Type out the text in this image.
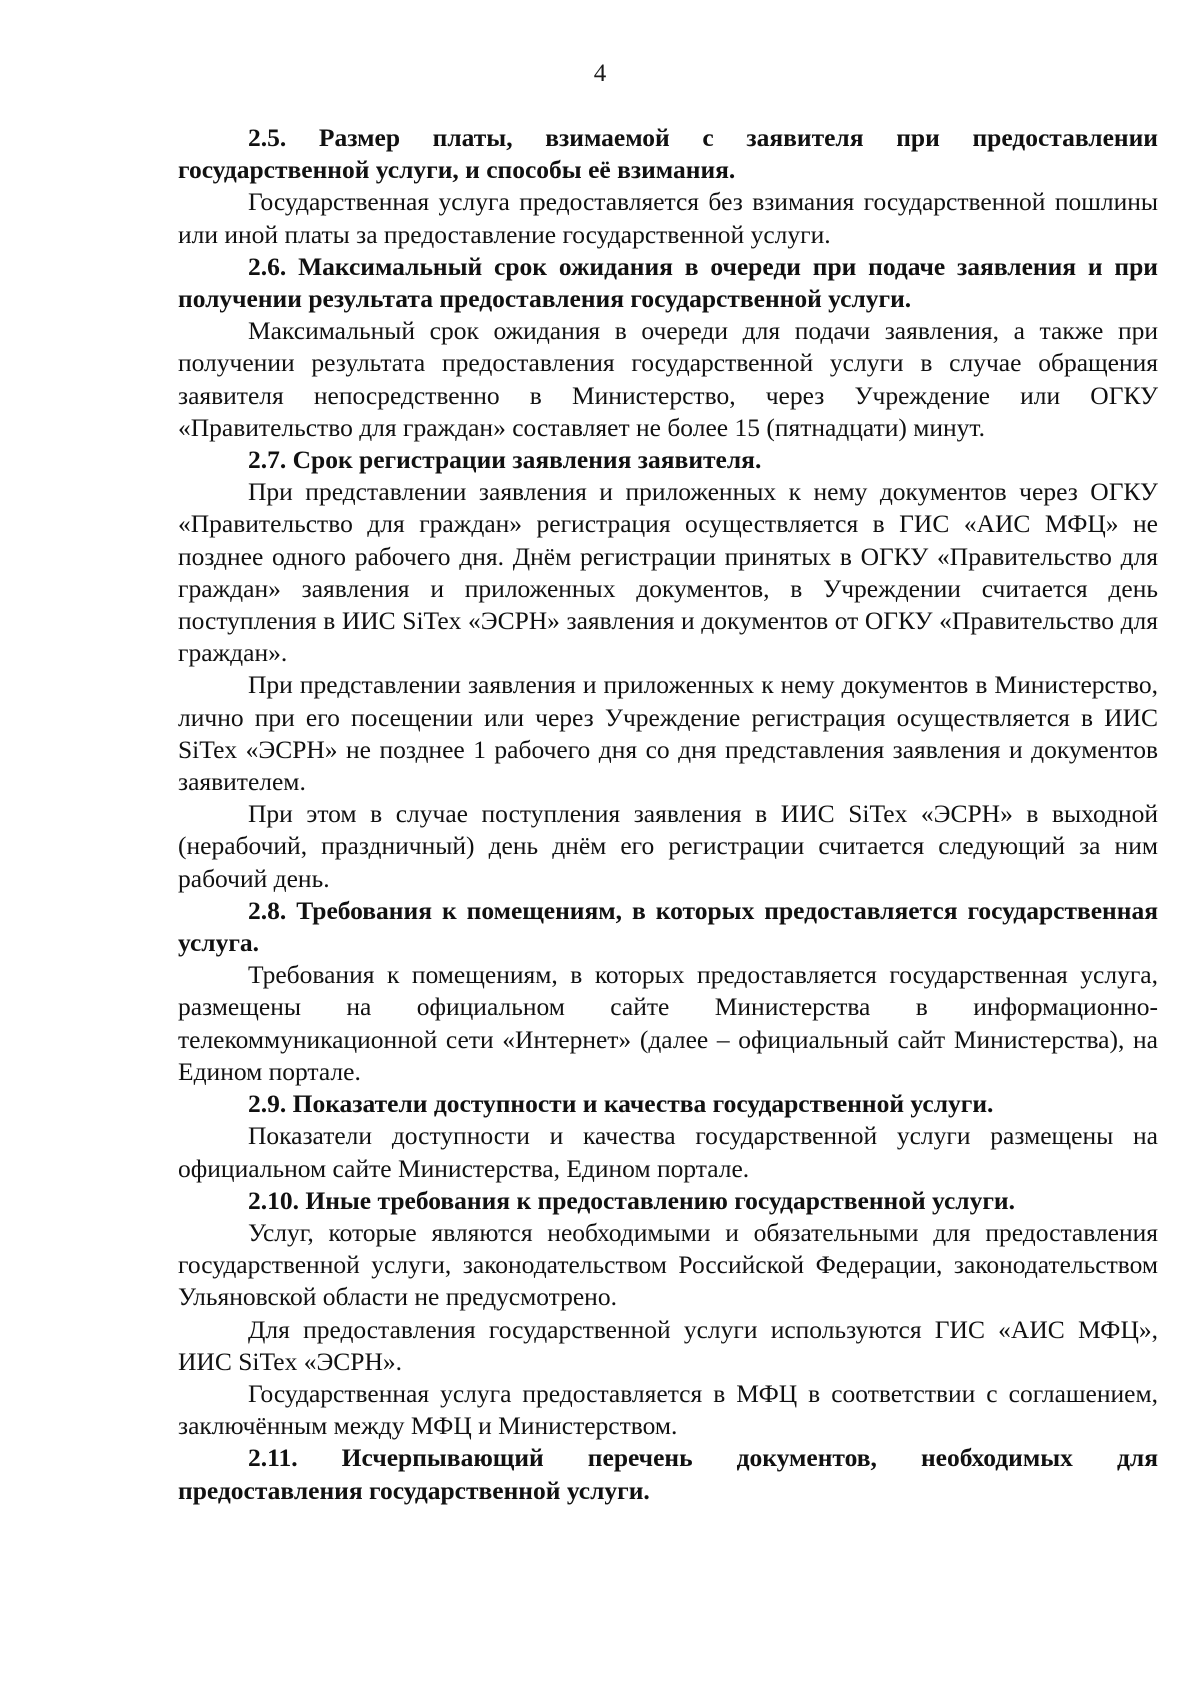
4

2.5. Размер платы, взимаемой с заявителя при предоставлении государственной услуги, и способы её взимания.

Государственная услуга предоставляется без взимания государственной пошлины или иной платы за предоставление государственной услуги.

2.6. Максимальный срок ожидания в очереди при подаче заявления и при получении результата предоставления государственной услуги.

Максимальный срок ожидания в очереди для подачи заявления, а также при получении результата предоставления государственной услуги в случае обращения заявителя непосредственно в Министерство, через Учреждение или ОГКУ «Правительство для граждан» составляет не более 15 (пятнадцати) минут.

2.7. Срок регистрации заявления заявителя.

При представлении заявления и приложенных к нему документов через ОГКУ «Правительство для граждан» регистрация осуществляется в ГИС «АИС МФЦ» не позднее одного рабочего дня. Днём регистрации принятых в ОГКУ «Правительство для граждан» заявления и приложенных документов, в Учреждении считается день поступления в ИИС SiTex «ЭСРН» заявления и документов от ОГКУ «Правительство для граждан».

При представлении заявления и приложенных к нему документов в Министерство, лично при его посещении или через Учреждение регистрация осуществляется в ИИС SiTex «ЭСРН» не позднее 1 рабочего дня со дня представления заявления и документов заявителем.

При этом в случае поступления заявления в ИИС SiTex «ЭСРН» в выходной (нерабочий, праздничный) день днём его регистрации считается следующий за ним рабочий день.

2.8. Требования к помещениям, в которых предоставляется государственная услуга.

Требования к помещениям, в которых предоставляется государственная услуга, размещены на официальном сайте Министерства в информационно-телекоммуникационной сети «Интернет» (далее – официальный сайт Министерства), на Едином портале.

2.9. Показатели доступности и качества государственной услуги.

Показатели доступности и качества государственной услуги размещены на официальном сайте Министерства, Едином портале.

2.10. Иные требования к предоставлению государственной услуги.

Услуг, которые являются необходимыми и обязательными для предоставления государственной услуги, законодательством Российской Федерации, законодательством Ульяновской области не предусмотрено.

Для предоставления государственной услуги используются ГИС «АИС МФЦ», ИИС SiTex «ЭСРН».

Государственная услуга предоставляется в МФЦ в соответствии с соглашением, заключённым между МФЦ и Министерством.

2.11. Исчерпывающий перечень документов, необходимых для предоставления государственной услуги.
